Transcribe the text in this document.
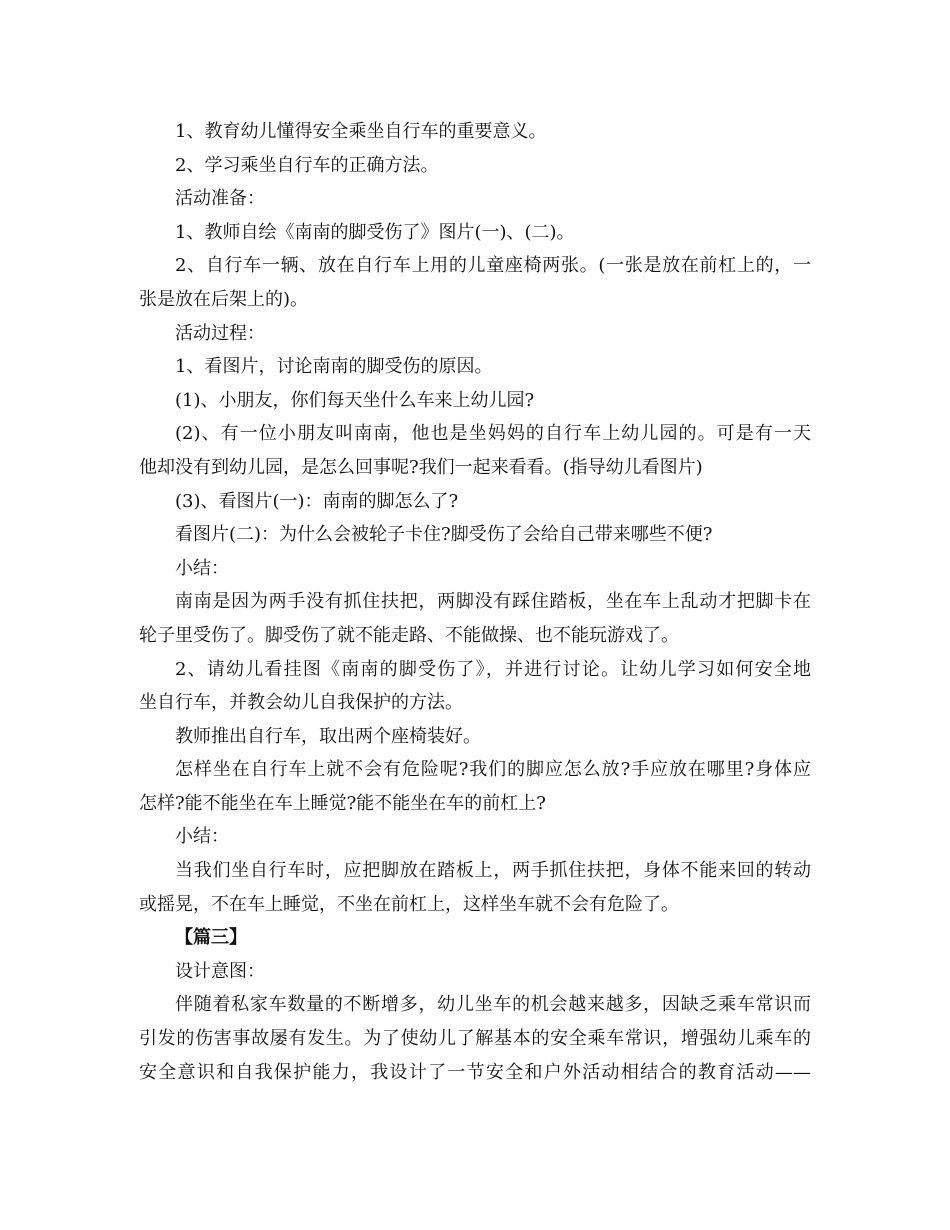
1、教育幼儿懂得安全乘坐自行车的重要意义。
2、学习乘坐自行车的正确方法。
活动准备：
1、教师自绘《南南的脚受伤了》图片(一)、(二)。
2、自行车一辆、放在自行车上用的儿童座椅两张。(一张是放在前杠上的，一
张是放在后架上的)。
活动过程：
1、看图片，讨论南南的脚受伤的原因。
(1)、小朋友，你们每天坐什么车来上幼儿园?
(2)、有一位小朋友叫南南，他也是坐妈妈的自行车上幼儿园的。可是有一天
他却没有到幼儿园，是怎么回事呢?我们一起来看看。(指导幼儿看图片)
(3)、看图片(一)：南南的脚怎么了?
看图片(二)：为什么会被轮子卡住?脚受伤了会给自己带来哪些不便?
小结：
南南是因为两手没有抓住扶把，两脚没有踩住踏板，坐在车上乱动才把脚卡在
轮子里受伤了。脚受伤了就不能走路、不能做操、也不能玩游戏了。
2、请幼儿看挂图《南南的脚受伤了》，并进行讨论。让幼儿学习如何安全地
坐自行车，并教会幼儿自我保护的方法。
教师推出自行车，取出两个座椅装好。
怎样坐在自行车上就不会有危险呢?我们的脚应怎么放?手应放在哪里?身体应
怎样?能不能坐在车上睡觉?能不能坐在车的前杠上?
小结：
当我们坐自行车时，应把脚放在踏板上，两手抓住扶把，身体不能来回的转动
或摇晃，不在车上睡觉，不坐在前杠上，这样坐车就不会有危险了。
【篇三】
设计意图：
伴随着私家车数量的不断增多，幼儿坐车的机会越来越多，因缺乏乘车常识而
引发的伤害事故屡有发生。为了使幼儿了解基本的安全乘车常识，增强幼儿乘车的
安全意识和自我保护能力，我设计了一节安全和户外活动相结合的教育活动——
